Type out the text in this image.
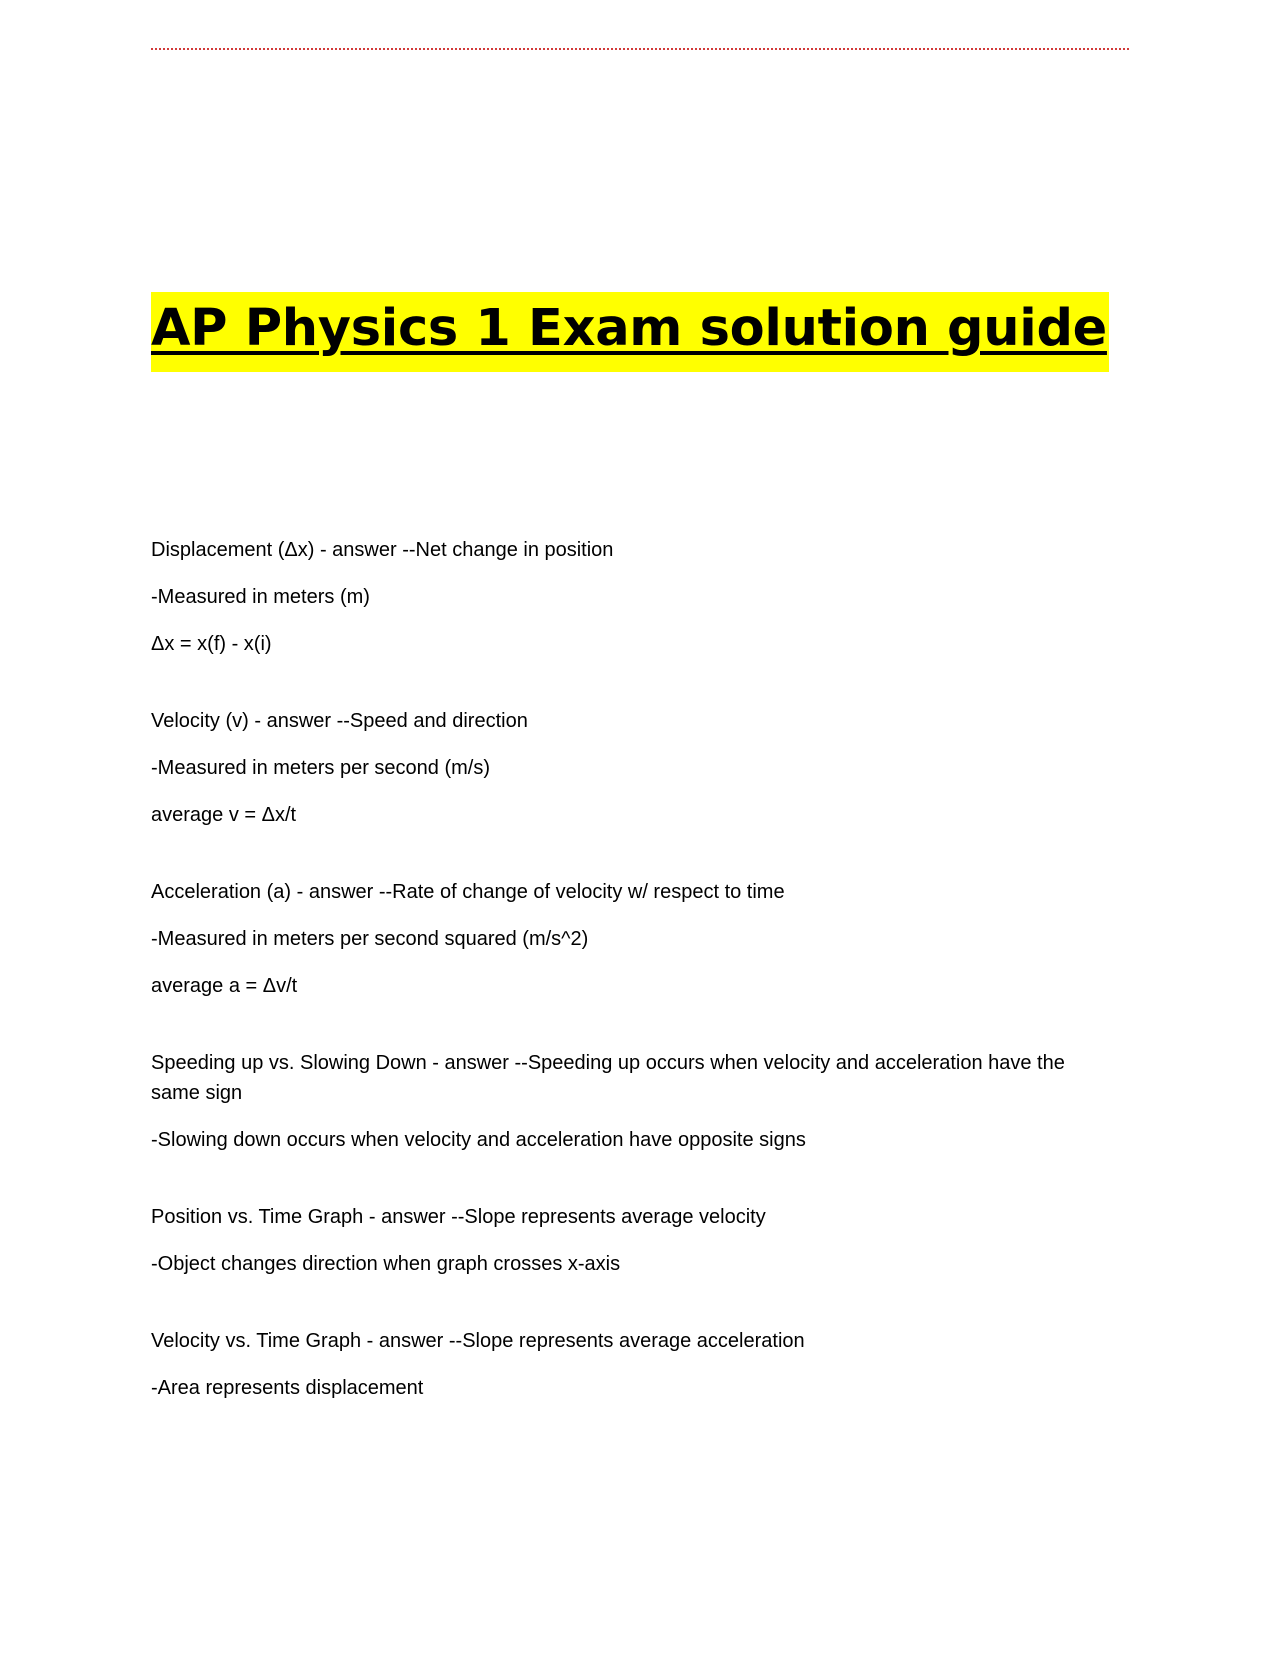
AP Physics 1 Exam solution guide

Displacement (Δx) - answer --Net change in position

-Measured in meters (m)

Δx = x(f) - x(i)

Velocity (v) - answer --Speed and direction

-Measured in meters per second (m/s)

average v = Δx/t

Acceleration (a) - answer --Rate of change of velocity w/ respect to time

-Measured in meters per second squared (m/s^2)

average a = Δv/t

Speeding up vs. Slowing Down - answer --Speeding up occurs when velocity and acceleration have the same sign

-Slowing down occurs when velocity and acceleration have opposite signs

Position vs. Time Graph - answer --Slope represents average velocity

-Object changes direction when graph crosses x-axis

Velocity vs. Time Graph - answer --Slope represents average acceleration

-Area represents displacement
